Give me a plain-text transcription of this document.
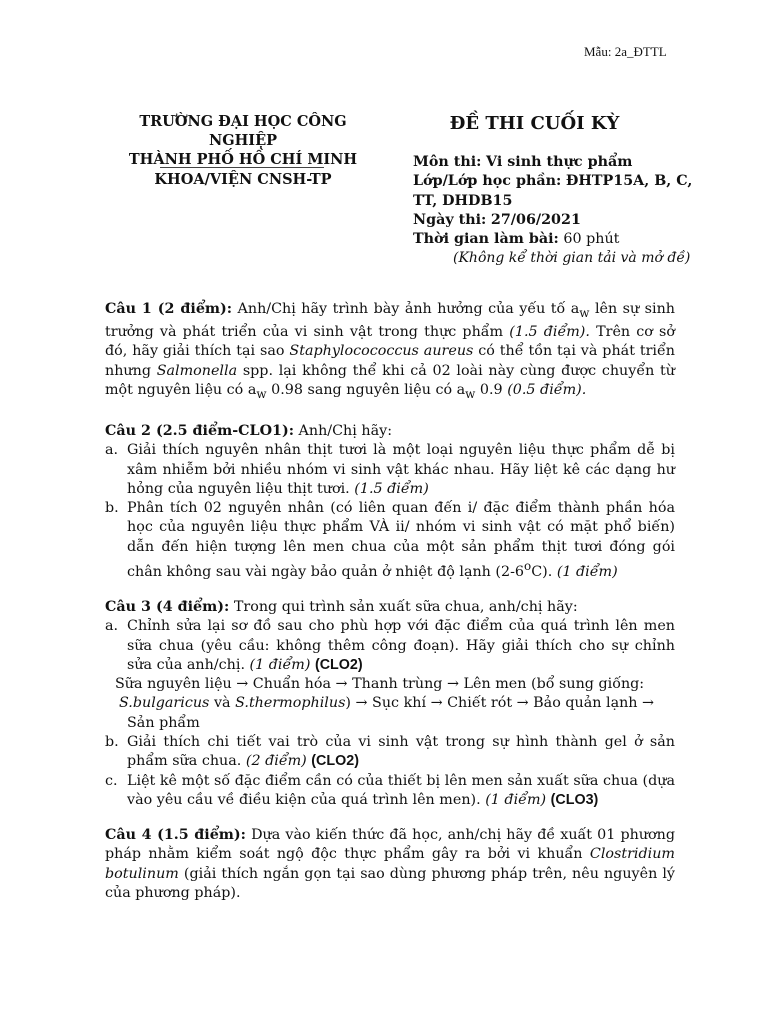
Mẫu: 2a_ĐTTL
TRƯỜNG ĐẠI HỌC CÔNG NGHIỆP
THÀNH PHỐ HỒ CHÍ MINH
KHOA/VIỆN CNSH-TP
ĐỀ THI CUỐI KỲ
Môn thi: Vi sinh thực phẩm
Lớp/Lớp học phần: ĐHTP15A, B, C, TT, DHDB15
Ngày thi: 27/06/2021
Thời gian làm bài: 60 phút
(Không kể thời gian tải và mở đề)
Câu 1 (2 điểm): Anh/Chị hãy trình bày ảnh hưởng của yếu tố $a_w$ lên sự sinh trưởng và phát triển của vi sinh vật trong thực phẩm (1.5 điểm). Trên cơ sở đó, hãy giải thích tại sao Staphylocococcus aureus có thể tồn tại và phát triển nhưng Salmonella spp. lại không thể khi cả 02 loài này cùng được chuyển từ một nguyên liệu có $a_w$ 0.98 sang nguyên liệu có $a_w$ 0.9 (0.5 điểm).
Câu 2 (2.5 điểm-CLO1): Anh/Chị hãy:
a. Giải thích nguyên nhân thịt tươi là một loại nguyên liệu thực phẩm dễ bị xâm nhiễm bởi nhiều nhóm vi sinh vật khác nhau. Hãy liệt kê các dạng hư hỏng của nguyên liệu thịt tươi. (1.5 điểm)
b. Phân tích 02 nguyên nhân (có liên quan đến i/ đặc điểm thành phần hóa học của nguyên liệu thực phẩm VÀ ii/ nhóm vi sinh vật có mặt phổ biến) dẫn đến hiện tượng lên men chua của một sản phẩm thịt tươi đóng gói chân không sau vài ngày bảo quản ở nhiệt độ lạnh (2-6$^o$C). (1 điểm)
Câu 3 (4 điểm): Trong qui trình sản xuất sữa chua, anh/chị hãy:
a. Chỉnh sửa lại sơ đồ sau cho phù hợp với đặc điểm của quá trình lên men sữa chua (yêu cầu: không thêm công đoạn). Hãy giải thích cho sự chỉnh sửa của anh/chị. (1 điểm) (CLO2)
Sữa nguyên liệu → Chuẩn hóa → Thanh trùng → Lên men (bổ sung giống:
S.bulgaricus và S.thermophilus) → Sục khí → Chiết rót → Bảo quản lạnh →
Sản phẩm
b. Giải thích chi tiết vai trò của vi sinh vật trong sự hình thành gel ở sản phẩm sữa chua. (2 điểm) (CLO2)
c. Liệt kê một số đặc điểm cần có của thiết bị lên men sản xuất sữa chua (dựa vào yêu cầu về điều kiện của quá trình lên men). (1 điểm) (CLO3)
Câu 4 (1.5 điểm): Dựa vào kiến thức đã học, anh/chị hãy đề xuất 01 phương pháp nhằm kiểm soát ngộ độc thực phẩm gây ra bởi vi khuẩn Clostridium botulinum (giải thích ngắn gọn tại sao dùng phương pháp trên, nêu nguyên lý của phương pháp).
